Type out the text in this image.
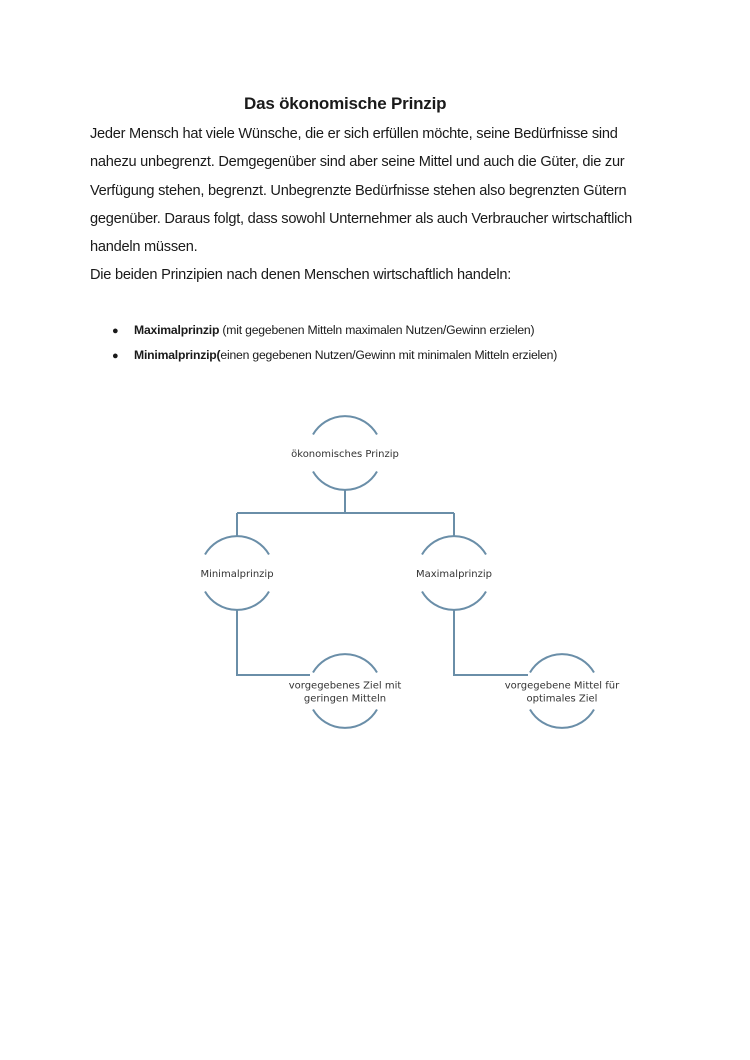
Das ökonomische Prinzip

Jeder Mensch hat viele Wünsche, die er sich erfüllen möchte, seine Bedürfnisse sind
nahezu unbegrenzt. Demgegenüber sind aber seine Mittel und auch die Güter, die zur
Verfügung stehen, begrenzt. Unbegrenzte Bedürfnisse stehen also begrenzten Gütern
gegenüber. Daraus folgt, dass sowohl Unternehmer als auch Verbraucher wirtschaftlich
handeln müssen.
Die beiden Prinzipien nach denen Menschen wirtschaftlich handeln:

● Maximalprinzip (mit gegebenen Mitteln maximalen Nutzen/Gewinn erzielen)
● Minimalprinzip(einen gegebenen Nutzen/Gewinn mit minimalen Mitteln erzielen)
ökonomisches Prinzip
Minimalprinzip	Maximalprinzip
vorgegebenes Ziel mit
geringen Mitteln
vorgegebene Mittel für
optimales Ziel
